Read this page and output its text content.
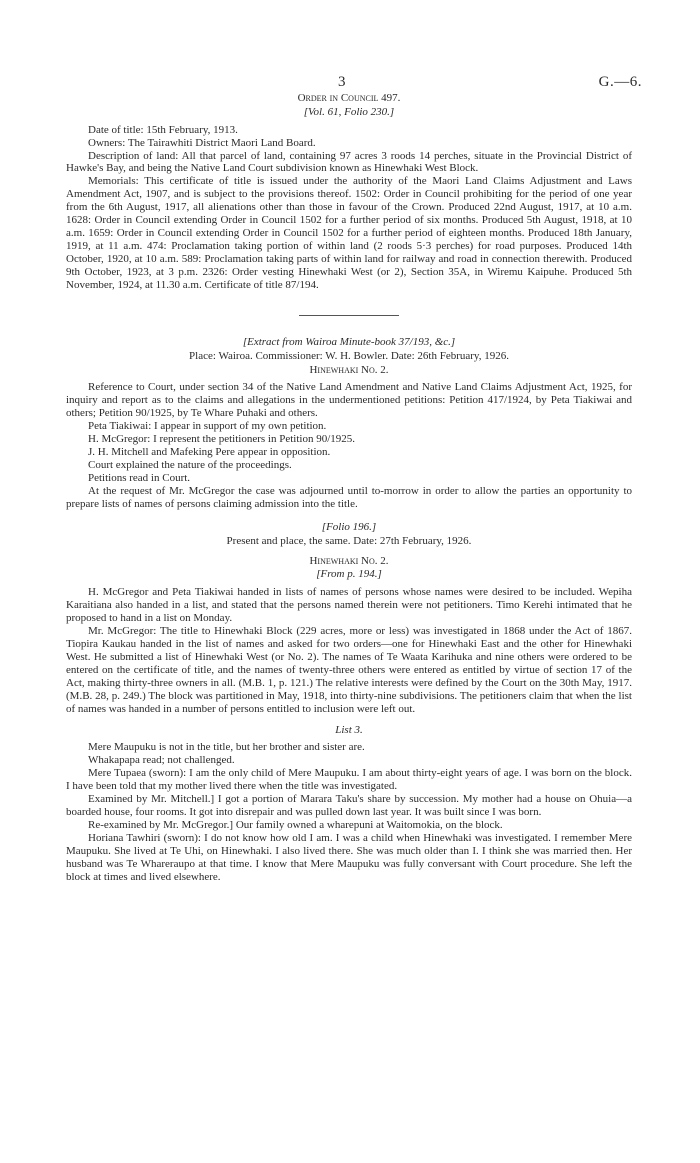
3	G.—6.

Order in Council 497.

[Vol. 61, Folio 230.]

Date of title: 15th February, 1913.

Owners: The Tairawhiti District Maori Land Board.

Description of land: All that parcel of land, containing 97 acres 3 roods 14 perches, situate in the Provincial District of Hawke's Bay, and being the Native Land Court subdivision known as Hinewhaki West Block.

Memorials: This certificate of title is issued under the authority of the Maori Land Claims Adjustment and Laws Amendment Act, 1907, and is subject to the provisions thereof. 1502: Order in Council prohibiting for the period of one year from the 6th August, 1917, all alienations other than those in favour of the Crown. Produced 22nd August, 1917, at 10 a.m. 1628: Order in Council extending Order in Council 1502 for a further period of six months. Produced 5th August, 1918, at 10 a.m. 1659: Order in Council extending Order in Council 1502 for a further period of eighteen months. Produced 18th January, 1919, at 11 a.m. 474: Proclamation taking portion of within land (2 roods 5·3 perches) for road purposes. Produced 14th October, 1920, at 10 a.m. 589: Proclamation taking parts of within land for railway and road in connection therewith. Produced 9th October, 1923, at 3 p.m. 2326: Order vesting Hinewhaki West (or 2), Section 35A, in Wiremu Kaipuhe. Produced 5th November, 1924, at 11.30 a.m. Certificate of title 87/194.

[Extract from Wairoa Minute-book 37/193, &c.]

Place: Wairoa. Commissioner: W. H. Bowler. Date: 26th February, 1926.

Hinewhaki No. 2.

Reference to Court, under section 34 of the Native Land Amendment and Native Land Claims Adjustment Act, 1925, for inquiry and report as to the claims and allegations in the undermentioned petitions: Petition 417/1924, by Peta Tiakiwai and others; Petition 90/1925, by Te Whare Puhaki and others.

Peta Tiakiwai: I appear in support of my own petition.

H. McGregor: I represent the petitioners in Petition 90/1925.

J. H. Mitchell and Mafeking Pere appear in opposition.

Court explained the nature of the proceedings.

Petitions read in Court.

At the request of Mr. McGregor the case was adjourned until to-morrow in order to allow the parties an opportunity to prepare lists of names of persons claiming admission into the title.

[Folio 196.]

Present and place, the same. Date: 27th February, 1926.

Hinewhaki No. 2.

[From p. 194.]

H. McGregor and Peta Tiakiwai handed in lists of names of persons whose names were desired to be included. Wepiha Karaitiana also handed in a list, and stated that the persons named therein were not petitioners. Timo Kerehi intimated that he proposed to hand in a list on Monday.

Mr. McGregor: The title to Hinewhaki Block (229 acres, more or less) was investigated in 1868 under the Act of 1867. Tiopira Kaukau handed in the list of names and asked for two orders—one for Hinewhaki East and the other for Hinewhaki West. He submitted a list of Hinewhaki West (or No. 2). The names of Te Waata Karihuka and nine others were ordered to be entered on the certificate of title, and the names of twenty-three others were entered as entitled by virtue of section 17 of the Act, making thirty-three owners in all. (M.B. 1, p. 121.) The relative interests were defined by the Court on the 30th May, 1917. (M.B. 28, p. 249.) The block was partitioned in May, 1918, into thirty-nine subdivisions. The petitioners claim that when the list of names was handed in a number of persons entitled to inclusion were left out.

List 3.

Mere Maupuku is not in the title, but her brother and sister are.

Whakapapa read; not challenged.

Mere Tupaea (sworn): I am the only child of Mere Maupuku. I am about thirty-eight years of age. I was born on the block. I have been told that my mother lived there when the title was investigated.

Examined by Mr. Mitchell.] I got a portion of Marara Taku's share by succession. My mother had a house on Ohuia—a boarded house, four rooms. It got into disrepair and was pulled down last year. It was built since I was born.

Re-examined by Mr. McGregor.] Our family owned a wharepuni at Waitomokia, on the block.

Horiana Tawhiri (sworn): I do not know how old I am. I was a child when Hinewhaki was investigated. I remember Mere Maupuku. She lived at Te Uhi, on Hinewhaki. I also lived there. She was much older than I. I think she was married then. Her husband was Te Whareraupo at that time. I know that Mere Maupuku was fully conversant with Court procedure. She left the block at times and lived elsewhere.
